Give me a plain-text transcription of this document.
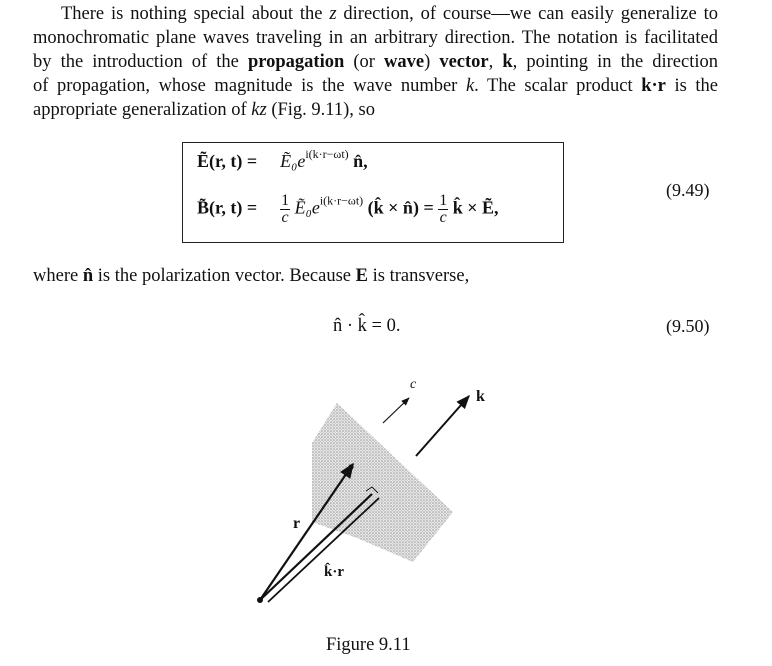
There is nothing special about the z direction, of course—we can easily generalize to
monochromatic plane waves traveling in an arbitrary direction. The notation is facilitated
by the introduction of the propagation (or wave) vector, k, pointing in the direction
of propagation, whose magnitude is the wave number k. The scalar product k·r is the
appropriate generalization of kz (Fig. 9.11), so
Ẽ(r, $t) = Ẽ_0e^{i(k\cdot r-\omega t)}$ n̂,
B̃(r, $t) = \frac{1}{c}$ $Ẽ_0e^{i(k\cdot r-\omega t)}$ (k̂ × n̂) = $\frac{1}{c}$ k̂ × Ẽ,
(9.49)
where n̂ is the polarization vector. Because E is transverse,
n̂ · k̂ = 0.	(9.50)
c
k
r
k̂·r
Figure 9.11
